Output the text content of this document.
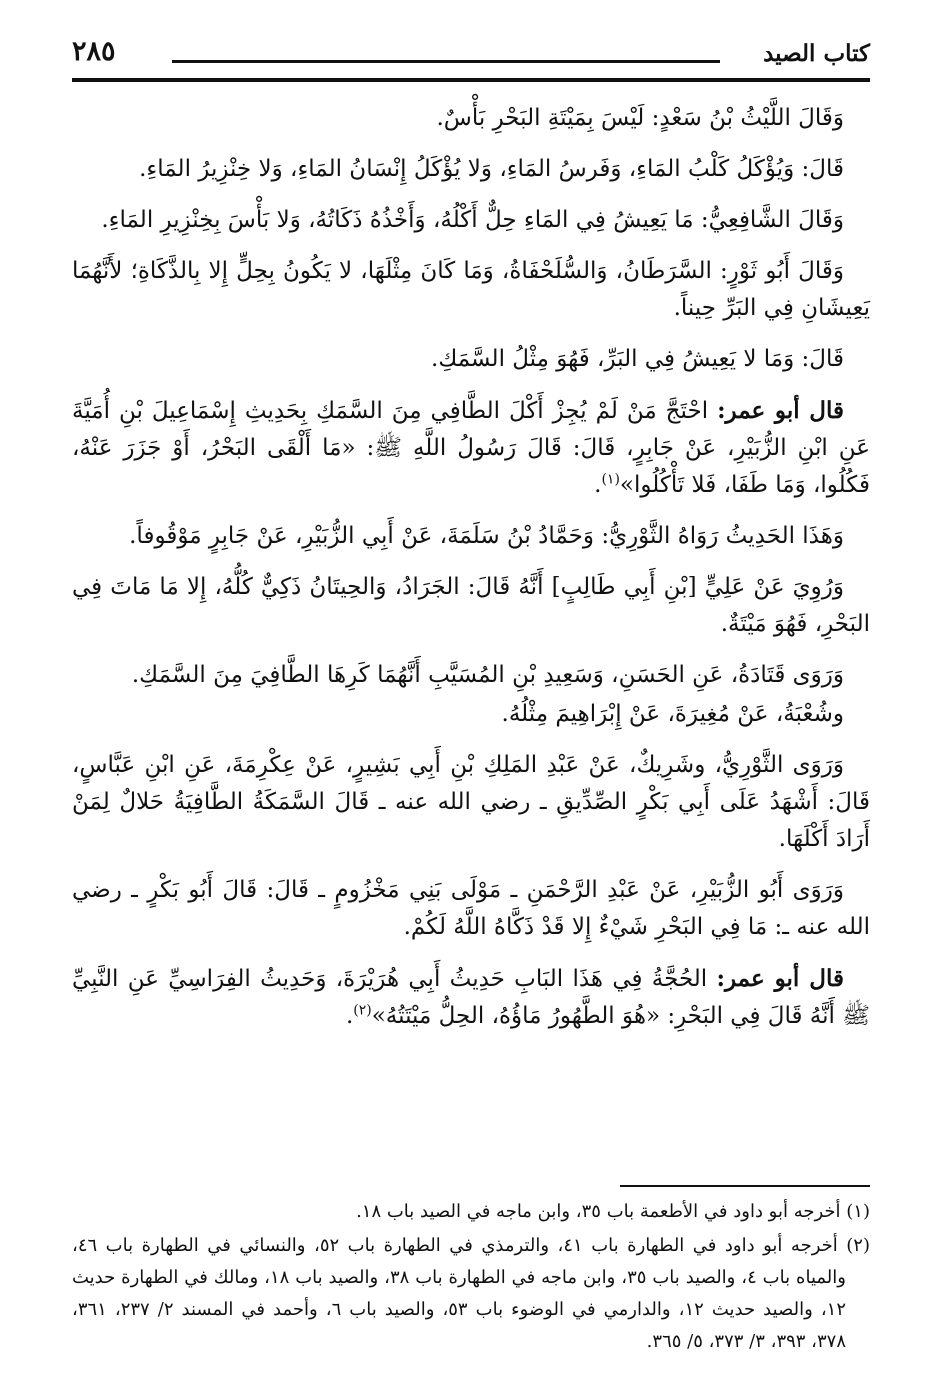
كتاب الصيد
٢٨٥

وَقَالَ اللَّيْثُ بْنُ سَعْدٍ: لَيْسَ بِمَيْتَةِ البَحْرِ بَأْسٌ.

قَالَ: وَيُؤْكَلُ كَلْبُ المَاءِ، وَفَرسُ المَاءِ، وَلا يُؤْكَلُ إِنْسَانُ المَاءِ، وَلا خِنْزِيرُ المَاءِ.

وَقَالَ الشَّافِعِيُّ: مَا يَعِيشُ فِي المَاءِ حِلٌّ أَكْلُهُ، وَأَخْذُهُ ذَكَاتُهُ، وَلا بَأْسَ بِخِنْزِيرِ المَاءِ.

وَقَالَ أَبُو ثَوْرٍ: السَّرَطَانُ، وَالسُّلَحْفَاةُ، وَمَا كَانَ مِثْلَهَا، لا يَكُونُ بِحِلٍّ إِلا بِالذَّكَاةِ؛ لأَنَّهُمَا يَعِيشَانِ فِي البَرِّ حِيناً.

قَالَ: وَمَا لا يَعِيشُ فِي البَرِّ، فَهُوَ مِثْلُ السَّمَكِ.

قال أبو عمر: احْتَجَّ مَنْ لَمْ يُجِزْ أَكْلَ الطَّافِي مِنَ السَّمَكِ بِحَدِيثِ إِسْمَاعِيلَ بْنِ أُمَيَّةَ عَنِ ابْنِ الزُّبَيْرِ، عَنْ جَابِرٍ، قَالَ: قَالَ رَسُولُ اللَّهِ ﷺ: «مَا أَلْقَى البَحْرُ، أَوْ جَزَرَ عَنْهُ، فَكُلُوا، وَمَا طَفَا، فَلا تَأْكُلُوا»$^{(١)}$.

وَهَذَا الحَدِيثُ رَوَاهُ الثَّوْرِيُّ: وَحَمَّادُ بْنُ سَلَمَةَ، عَنْ أَبِي الزُّبَيْرِ، عَنْ جَابِرٍ مَوْقُوفاً.

وَرُوِيَ عَنْ عَلِيٍّ [بْنِ أَبِي طَالِبٍ] أَنَّهُ قَالَ: الجَرَادُ، وَالحِيتَانُ ذَكِيٌّ كُلُّهُ، إِلا مَا مَاتَ فِي البَحْرِ، فَهُوَ مَيْتَةٌ.

وَرَوَى قَتَادَةُ، عَنِ الحَسَنِ، وَسَعِيدِ بْنِ المُسَيَّبِ أَنَّهُمَا كَرِهَا الطَّافِيَ مِنَ السَّمَكِ.

وشُعْبَةُ، عَنْ مُغِيرَةَ، عَنْ إِبْرَاهِيمَ مِثْلُهُ.

وَرَوَى الثَّوْرِيُّ، وشَرِيكٌ، عَنْ عَبْدِ المَلِكِ بْنِ أَبِي بَشِيرٍ، عَنْ عِكْرِمَةَ، عَنِ ابْنِ عَبَّاسٍ، قَالَ: أَشْهَدُ عَلَى أَبِي بَكْرٍ الصِّدِّيقِ ـ رضي الله عنه ـ قَالَ السَّمَكَةُ الطَّافِيَةُ حَلالٌ لِمَنْ أَرَادَ أَكْلَهَا.

وَرَوَى أَبُو الزُّبَيْرِ، عَنْ عَبْدِ الرَّحْمَنِ ـ مَوْلَى بَنِي مَخْزُومٍ ـ قَالَ: قَالَ أَبُو بَكْرٍ ـ رضي الله عنه ـ: مَا فِي البَحْرِ شَيْءٌ إِلا قَدْ ذَكَّاهُ اللَّهُ لَكُمْ.

قال أبو عمر: الحُجَّةُ فِي هَذَا البَابِ حَدِيثُ أَبِي هُرَيْرَةَ، وَحَدِيثُ الفِرَاسِيِّ عَنِ النَّبِيِّ ﷺ أَنَّهُ قَالَ فِي البَحْرِ: «هُوَ الطَّهُورُ مَاؤُهُ، الحِلُّ مَيْتَتُهُ»$^{(٢)}$.

(١) أخرجه أبو داود في الأطعمة باب ٣٥، وابن ماجه في الصيد باب ١٨.

(٢) أخرجه أبو داود في الطهارة باب ٤١، والترمذي في الطهارة باب ٥٢، والنسائي في الطهارة باب ٤٦، والمياه باب ٤، والصيد باب ٣٥، وابن ماجه في الطهارة باب ٣٨، والصيد باب ١٨، ومالك في الطهارة حديث ١٢، والصيد حديث ١٢، والدارمي في الوضوء باب ٥٣، والصيد باب ٦، وأحمد في المسند ٢/ ٢٣٧، ٣٦١، ٣٧٨، ٣٩٣، ٣/ ٣٧٣، ٥/ ٣٦٥.
